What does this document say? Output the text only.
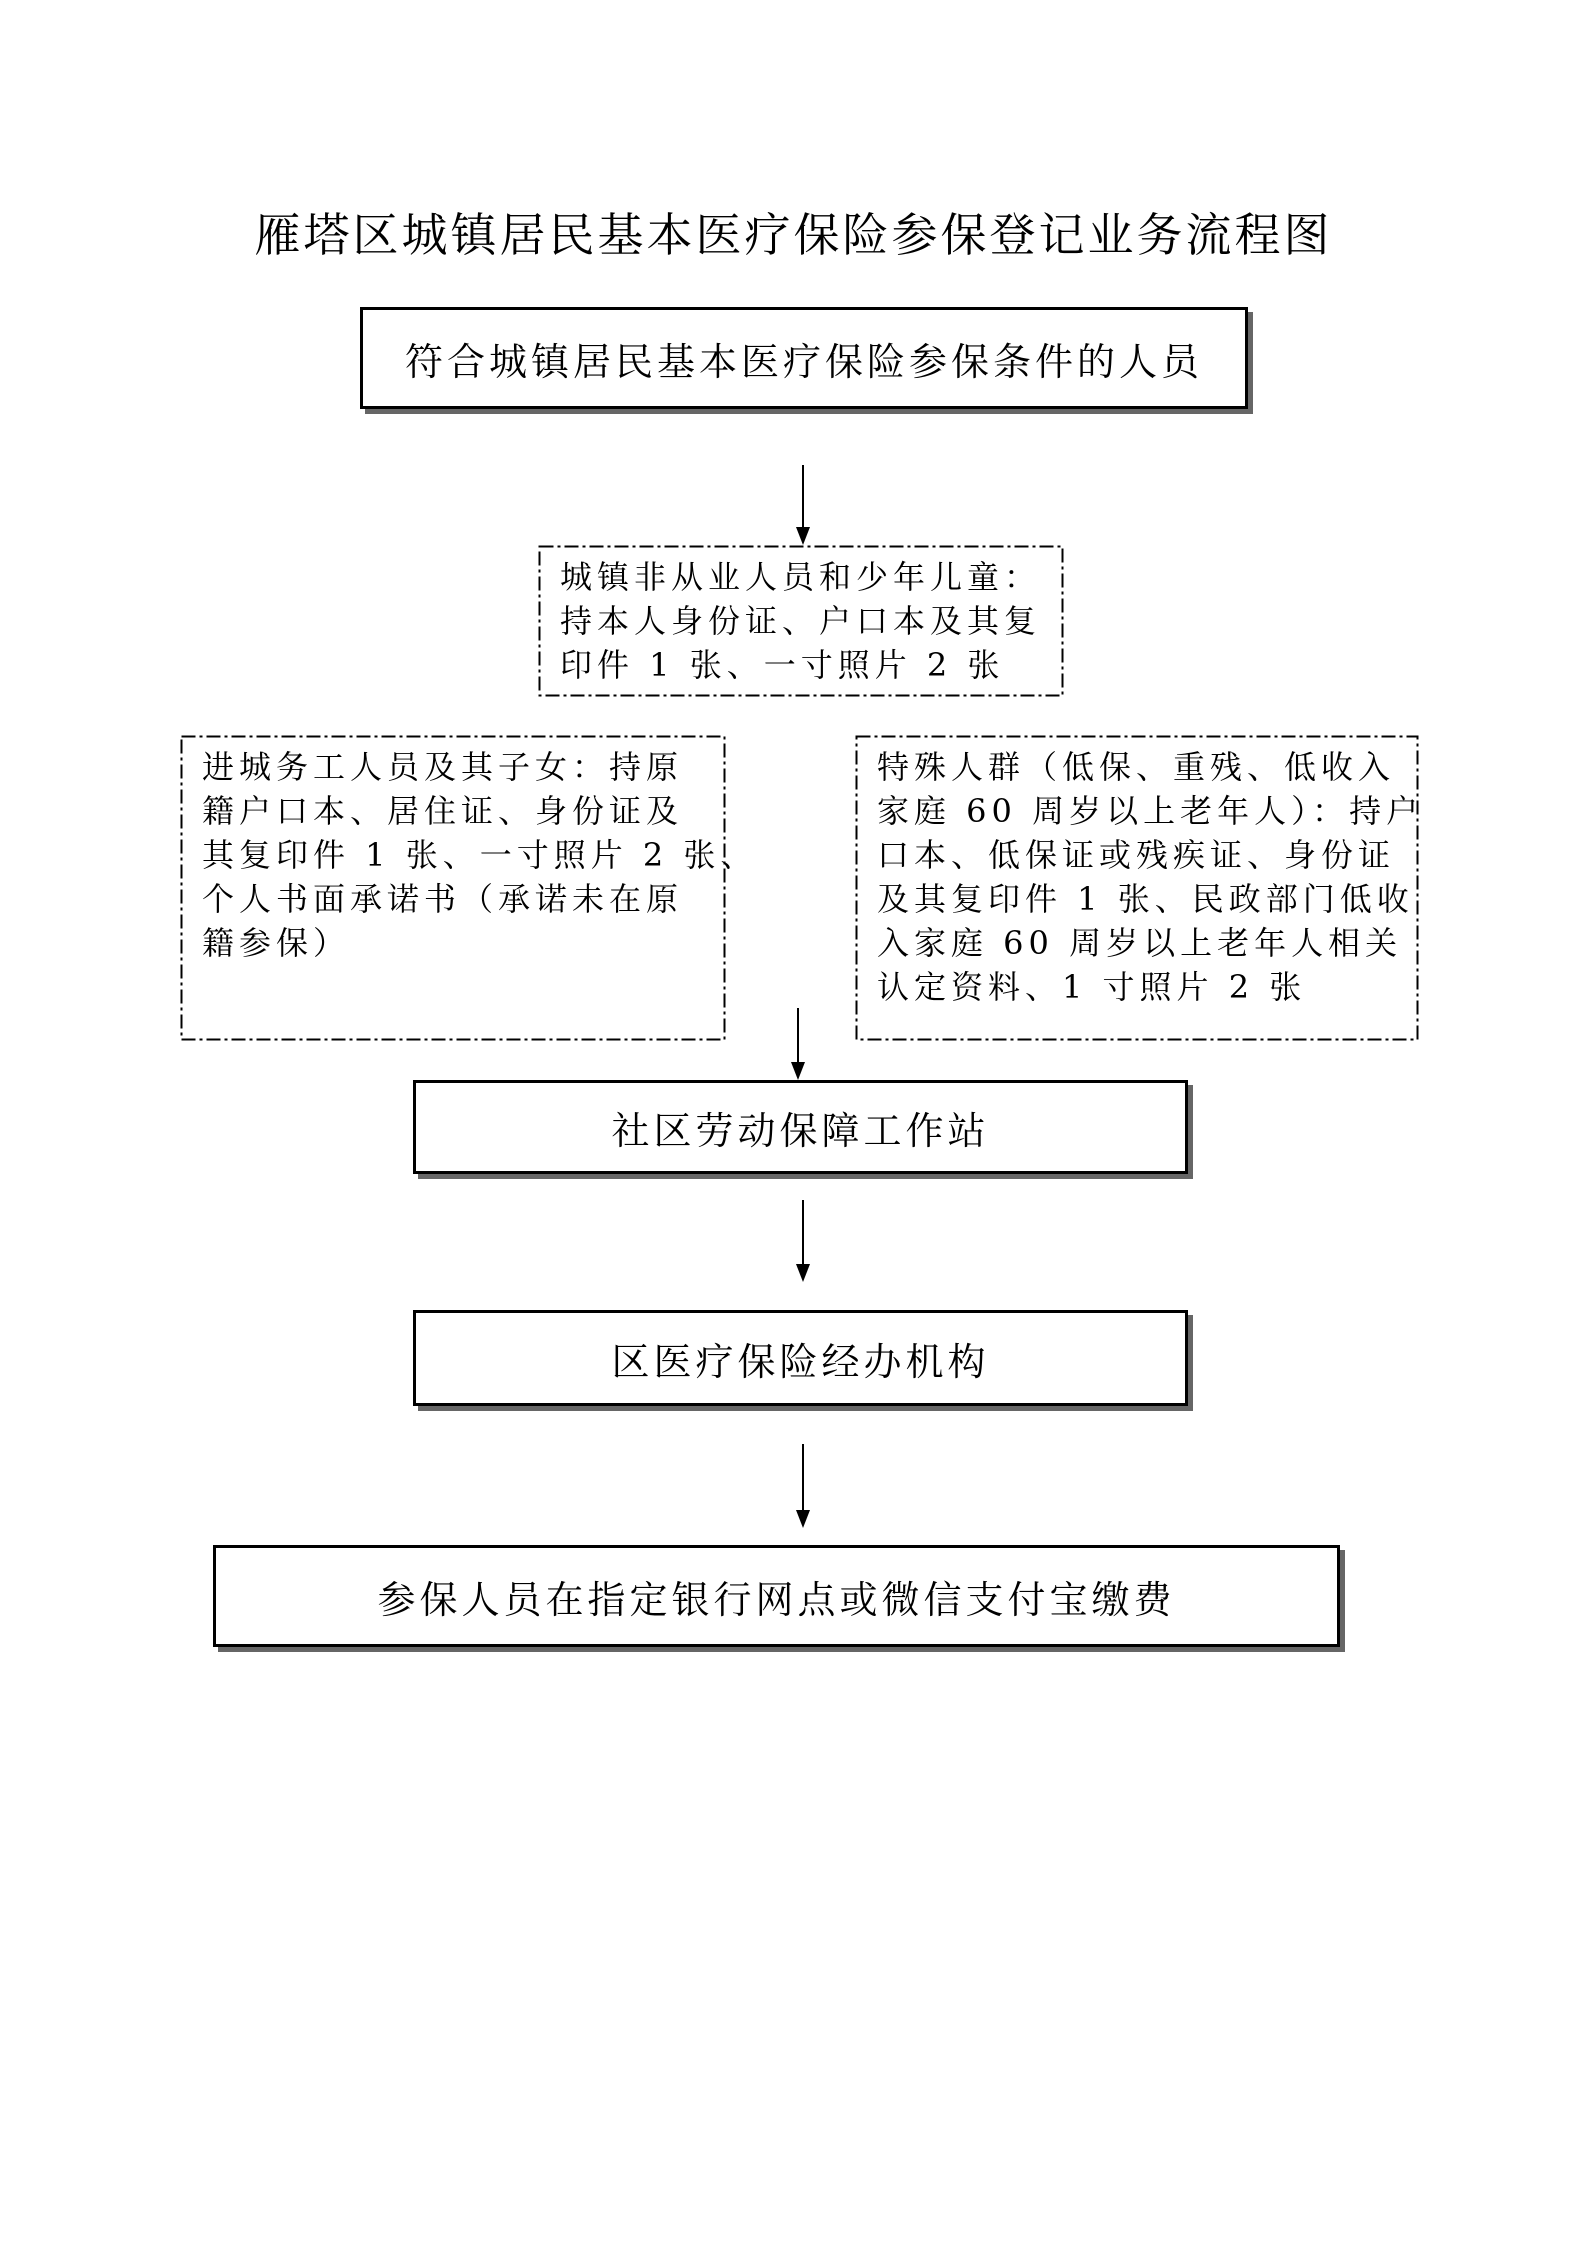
雁塔区城镇居民基本医疗保险参保登记业务流程图
符合城镇居民基本医疗保险参保条件的人员
城镇非从业人员和少年儿童：
持本人身份证、户口本及其复
印件 1 张、一寸照片 2 张
进城务工人员及其子女：持原
籍户口本、居住证、身份证及
其复印件 1 张、一寸照片 2 张、
个人书面承诺书（承诺未在原
籍参保）
特殊人群（低保、重残、低收入
家庭 60 周岁以上老年人）：持户
口本、低保证或残疾证、身份证
及其复印件 1 张、民政部门低收
入家庭 60 周岁以上老年人相关
认定资料、1 寸照片 2 张
社区劳动保障工作站
区医疗保险经办机构
参保人员在指定银行网点或微信支付宝缴费
